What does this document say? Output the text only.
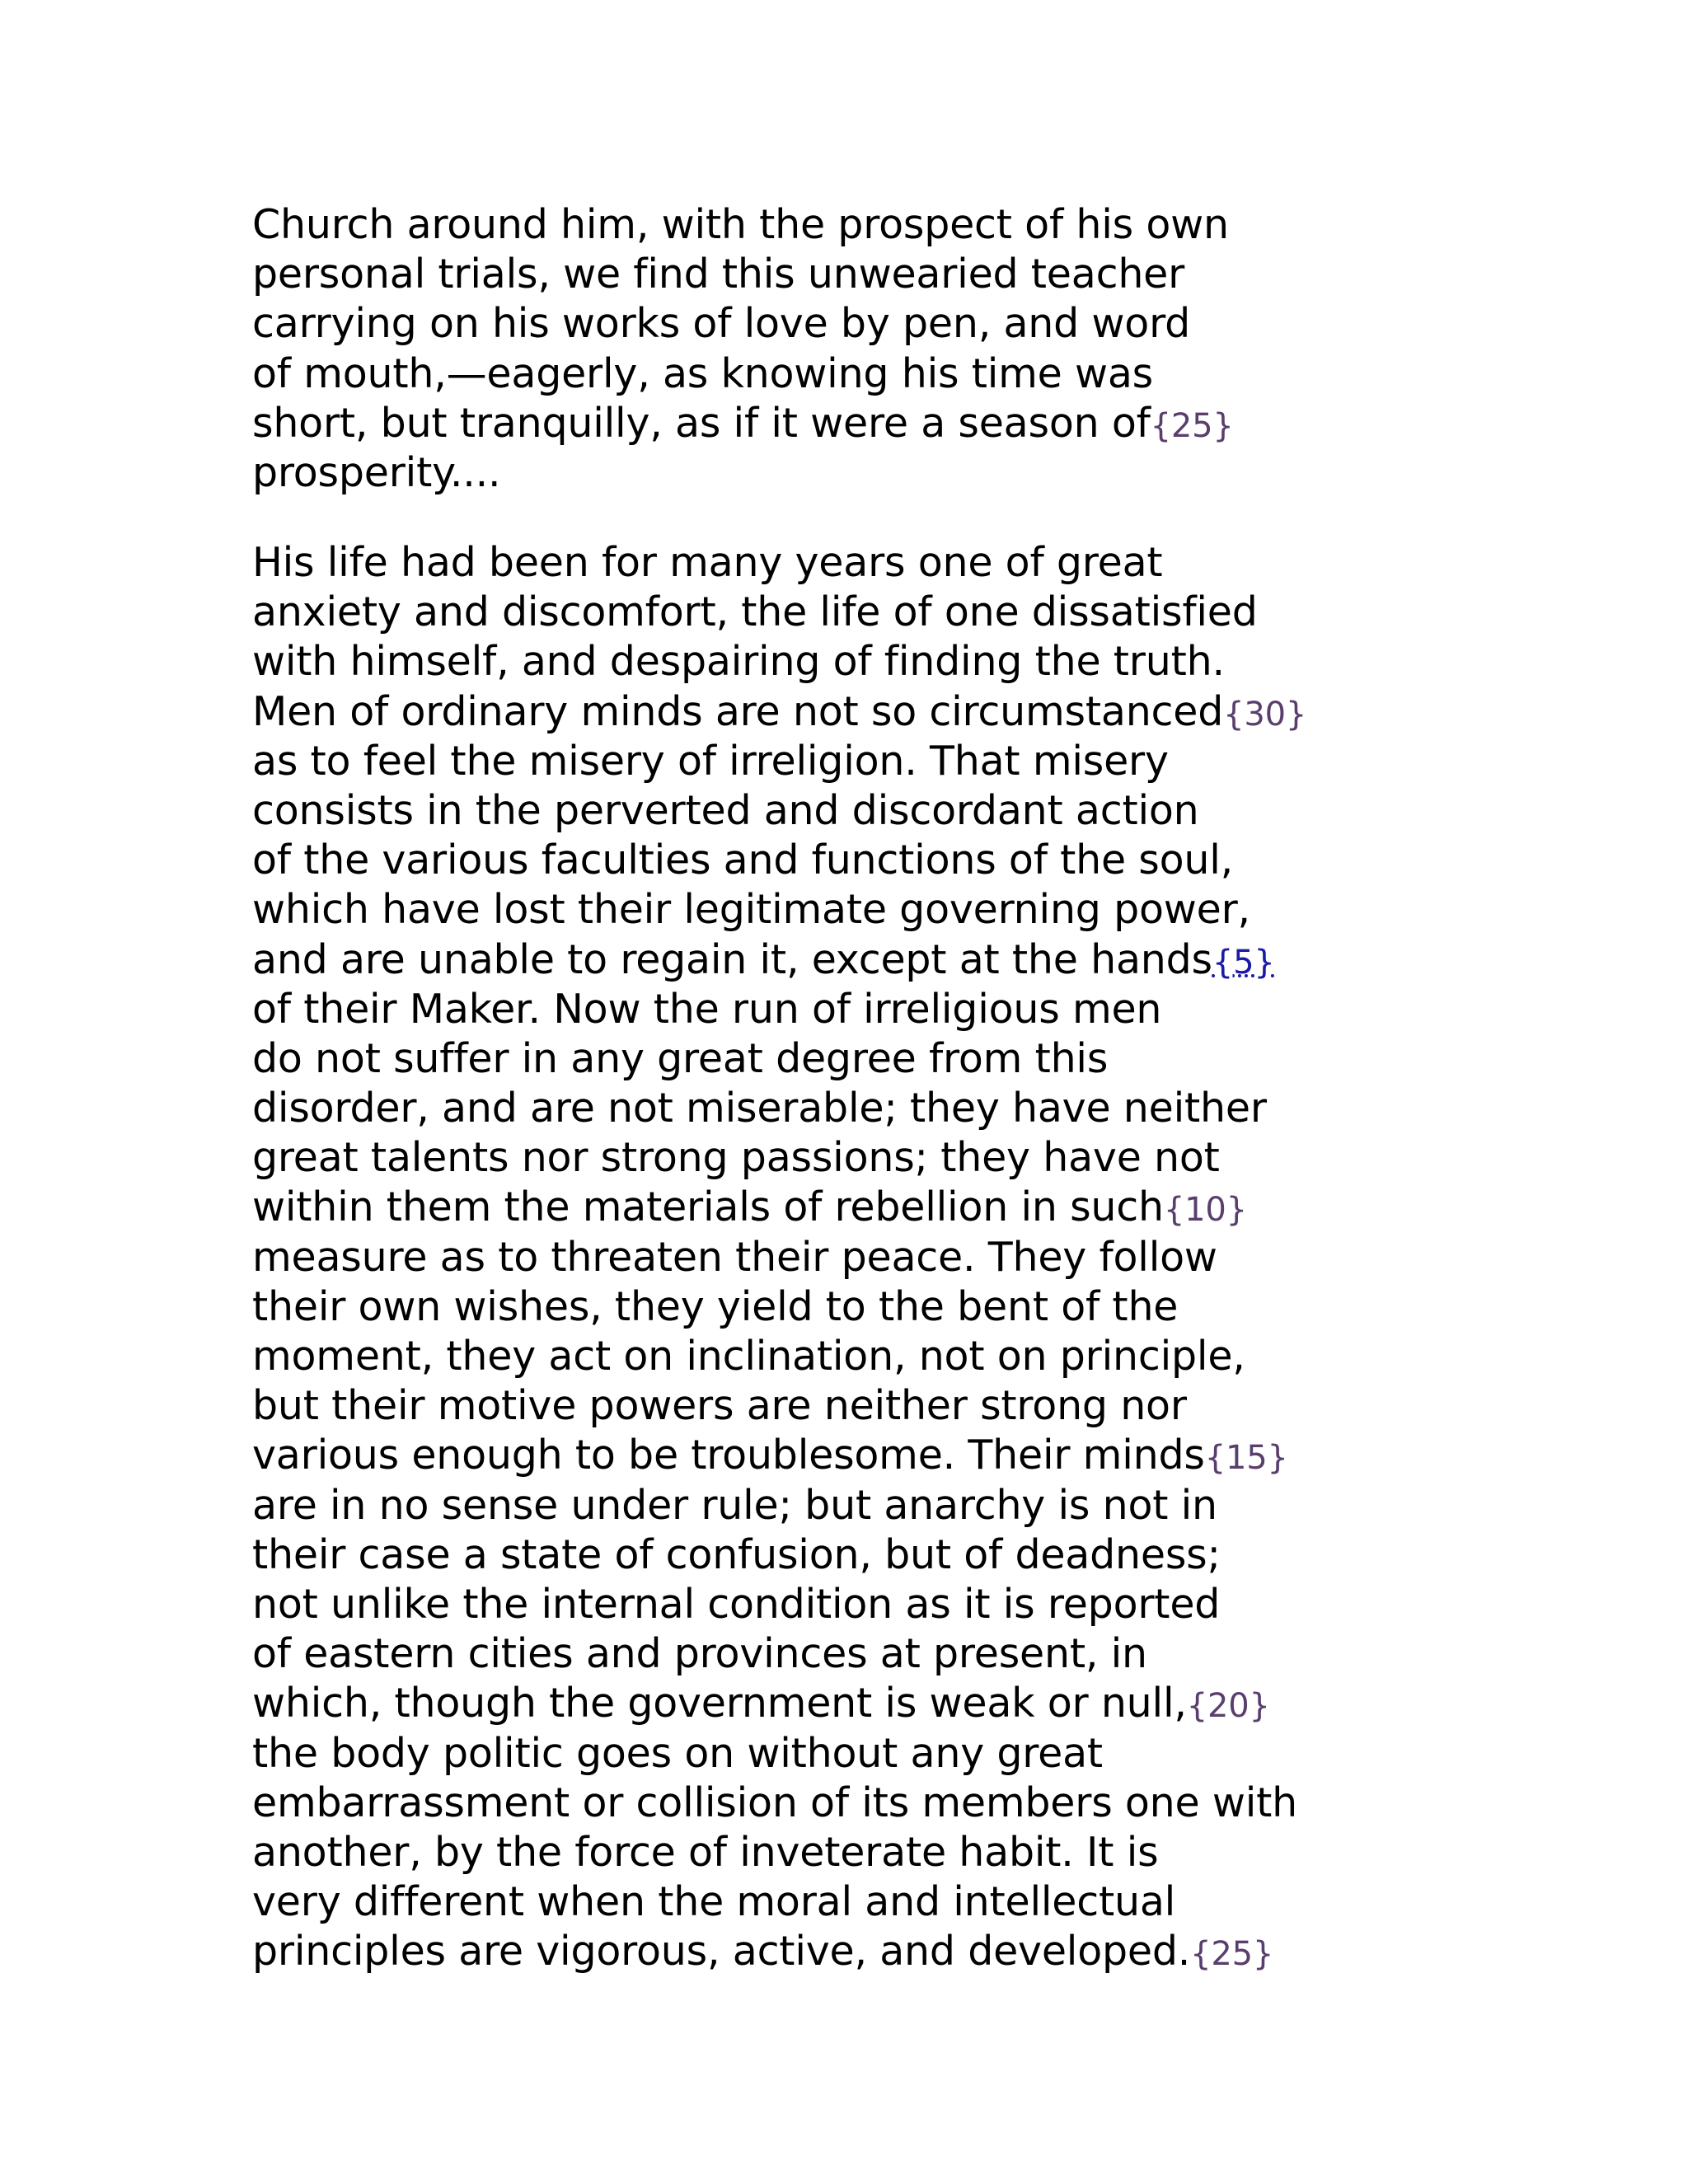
Church around him, with the prospect of his own
personal trials, we find this unwearied teacher
carrying on his works of love by pen, and word
of mouth,—eagerly, as knowing his time was
short, but tranquilly, as if it were a season of{25}
prosperity....
His life had been for many years one of great
anxiety and discomfort, the life of one dissatisfied
with himself, and despairing of finding the truth.
Men of ordinary minds are not so circumstanced{30}
as to feel the misery of irreligion. That misery
consists in the perverted and discordant action
of the various faculties and functions of the soul,
which have lost their legitimate governing power,
and are unable to regain it, except at the hands{5}
of their Maker. Now the run of irreligious men
do not suffer in any great degree from this
disorder, and are not miserable; they have neither
great talents nor strong passions; they have not
within them the materials of rebellion in such{10}
measure as to threaten their peace. They follow
their own wishes, they yield to the bent of the
moment, they act on inclination, not on principle,
but their motive powers are neither strong nor
various enough to be troublesome. Their minds{15}
are in no sense under rule; but anarchy is not in
their case a state of confusion, but of deadness;
not unlike the internal condition as it is reported
of eastern cities and provinces at present, in
which, though the government is weak or null,{20}
the body politic goes on without any great
embarrassment or collision of its members one with
another, by the force of inveterate habit. It is
very different when the moral and intellectual
principles are vigorous, active, and developed.{25}
